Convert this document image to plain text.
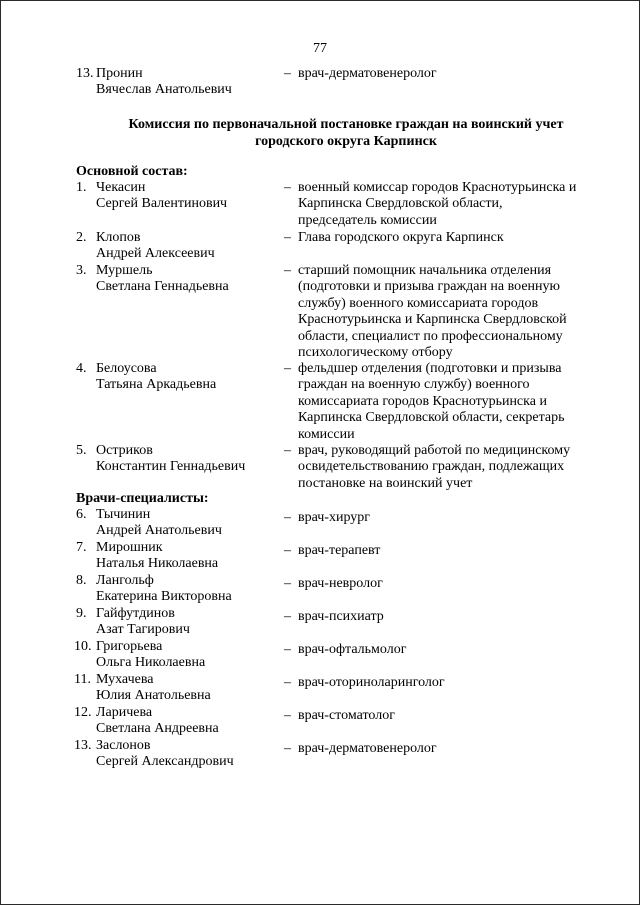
77
13. Пронин
Вячеслав Анатольевич
– врач-дерматовенеролог
Комиссия по первоначальной постановке граждан на воинский учет
городского округа Карпинск
Основной состав:
1. Чекасин
Сергей Валентинович
– военный комиссар городов Краснотурьинска и
Карпинска Свердловской области,
председатель комиссии
2. Клопов
Андрей Алексеевич
– Глава городского округа Карпинск
3. Муршель
Светлана Геннадьевна
– старший помощник начальника отделения
(подготовки и призыва граждан на военную
службу) военного комиссариата городов
Краснотурьинска и Карпинска Свердловской
области, специалист по профессиональному
психологическому отбору
4. Белоусова
Татьяна Аркадьевна
– фельдшер отделения (подготовки и призыва
граждан на военную службу) военного
комиссариата городов Краснотурьинска и
Карпинска Свердловской области, секретарь
комиссии
5. Остриков
Константин Геннадьевич
– врач, руководящий работой по медицинскому
освидетельствованию граждан, подлежащих
постановке на воинский учет
Врачи-специалисты:
6. Тычинин
Андрей Анатольевич
– врач-хирург
7. Мирошник
Наталья Николаевна
– врач-терапевт
8. Лангольф
Екатерина Викторовна
– врач-невролог
9. Гайфутдинов
Азат Тагирович
– врач-психиатр
10. Григорьева
Ольга Николаевна
– врач-офтальмолог
11. Мухачева
Юлия Анатольевна
– врач-оториноларинголог
12. Ларичева
Светлана Андреевна
– врач-стоматолог
13. Заслонов
Сергей Александрович
– врач-дерматовенеролог
